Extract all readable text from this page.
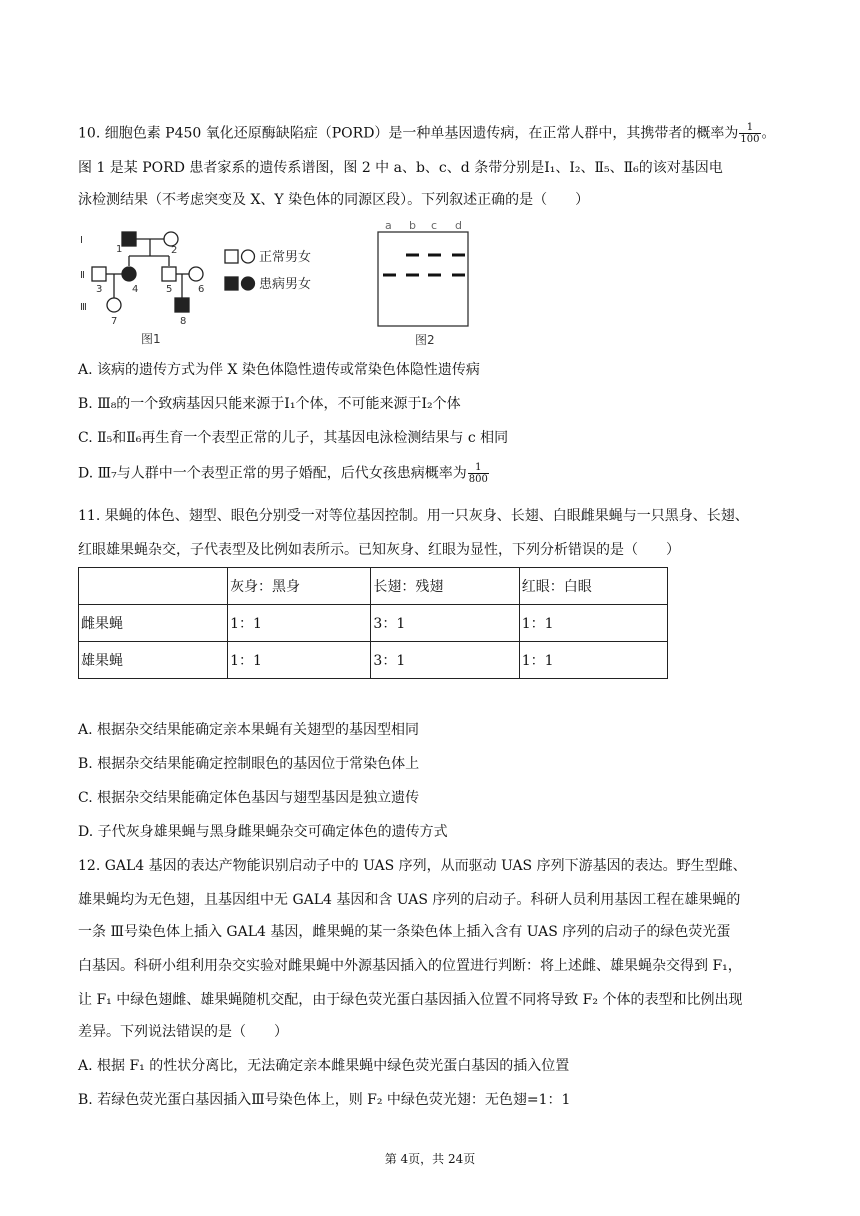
10. 细胞色素 P450 氧化还原酶缺陷症（PORD）是一种单基因遗传病，在正常人群中，其携带者的概率为 $\frac{1}{100}$ 。
图 1 是某 PORD 患者家系的遗传系谱图，图 2 中 a、b、c、d 条带分别是Ⅰ₁、Ⅰ₂、Ⅱ₅、Ⅱ₆的该对基因电
泳检测结果（不考虑突变及 X、Y 染色体的同源区段）。下列叙述正确的是（　　）
Ⅰ
Ⅱ
Ⅲ
1	2
3	4	5	6
7	8
正常男女
患病男女
图1
a b c d
图2
A. 该病的遗传方式为伴 X 染色体隐性遗传或常染色体隐性遗传病
B. Ⅲ₈的一个致病基因只能来源于Ⅰ₁个体，不可能来源于Ⅰ₂个体
C. Ⅱ₅和Ⅱ₆再生育一个表型正常的儿子，其基因电泳检测结果与 c 相同
D. Ⅲ₇与人群中一个表型正常的男子婚配，后代女孩患病概率为 $\frac{1}{800}$
11. 果蝇的体色、翅型、眼色分别受一对等位基因控制。用一只灰身、长翅、白眼雌果蝇与一只黑身、长翅、
红眼雄果蝇杂交，子代表型及比例如表所示。已知灰身、红眼为显性，下列分析错误的是（　　）
	灰身：黑身	长翅：残翅	红眼：白眼
雌果蝇	1：1	3：1	1：1
雄果蝇	1：1	3：1	1：1
A. 根据杂交结果能确定亲本果蝇有关翅型的基因型相同
B. 根据杂交结果能确定控制眼色的基因位于常染色体上
C. 根据杂交结果能确定体色基因与翅型基因是独立遗传
D. 子代灰身雄果蝇与黑身雌果蝇杂交可确定体色的遗传方式
12. GAL4 基因的表达产物能识别启动子中的 UAS 序列，从而驱动 UAS 序列下游基因的表达。野生型雌、
雄果蝇均为无色翅，且基因组中无 GAL4 基因和含 UAS 序列的启动子。科研人员利用基因工程在雄果蝇的
一条 Ⅲ号染色体上插入 GAL4 基因，雌果蝇的某一条染色体上插入含有 UAS 序列的启动子的绿色荧光蛋
白基因。科研小组利用杂交实验对雌果蝇中外源基因插入的位置进行判断：将上述雌、雄果蝇杂交得到 F₁，
让 F₁ 中绿色翅雌、雄果蝇随机交配，由于绿色荧光蛋白基因插入位置不同将导致 F₂ 个体的表型和比例出现
差异。下列说法错误的是（　　）
A. 根据 F₁ 的性状分离比，无法确定亲本雌果蝇中绿色荧光蛋白基因的插入位置
B. 若绿色荧光蛋白基因插入Ⅲ号染色体上，则 F₂ 中绿色荧光翅：无色翅=1：1
第 4页，共 24页
